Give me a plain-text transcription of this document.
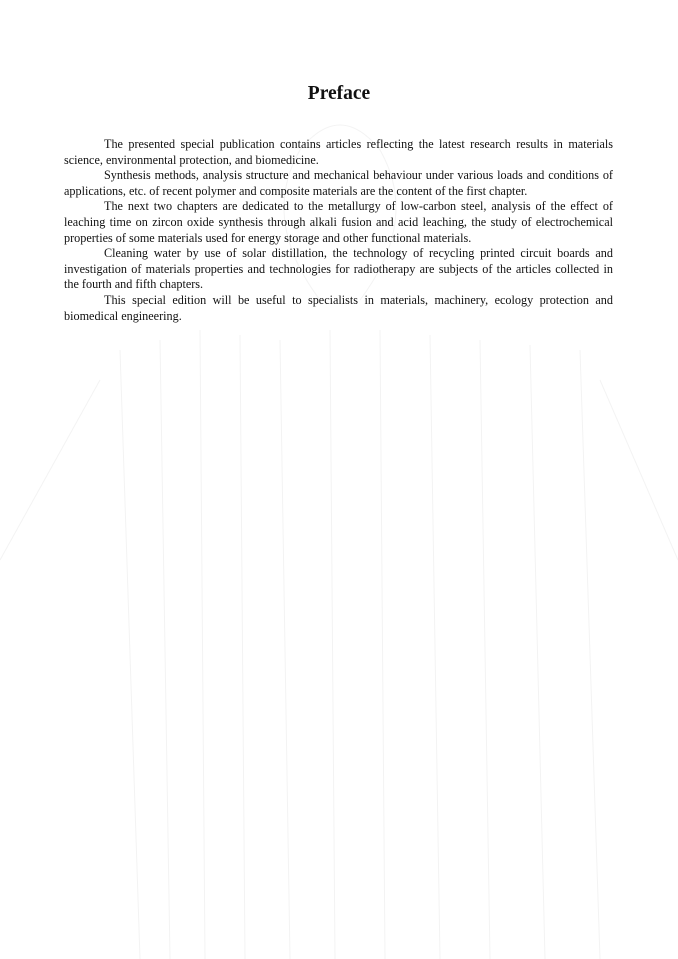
Preface

The presented special publication contains articles reflecting the latest research results in materials science, environmental protection, and biomedicine.

Synthesis methods, analysis structure and mechanical behaviour under various loads and conditions of applications, etc. of recent polymer and composite materials are the content of the first chapter.

The next two chapters are dedicated to the metallurgy of low-carbon steel, analysis of the effect of leaching time on zircon oxide synthesis through alkali fusion and acid leaching, the study of electrochemical properties of some materials used for energy storage and other functional materials.

Cleaning water by use of solar distillation, the technology of recycling printed circuit boards and investigation of materials properties and technologies for radiotherapy are subjects of the articles collected in the fourth and fifth chapters.

This special edition will be useful to specialists in materials, machinery, ecology protection and biomedical engineering.
